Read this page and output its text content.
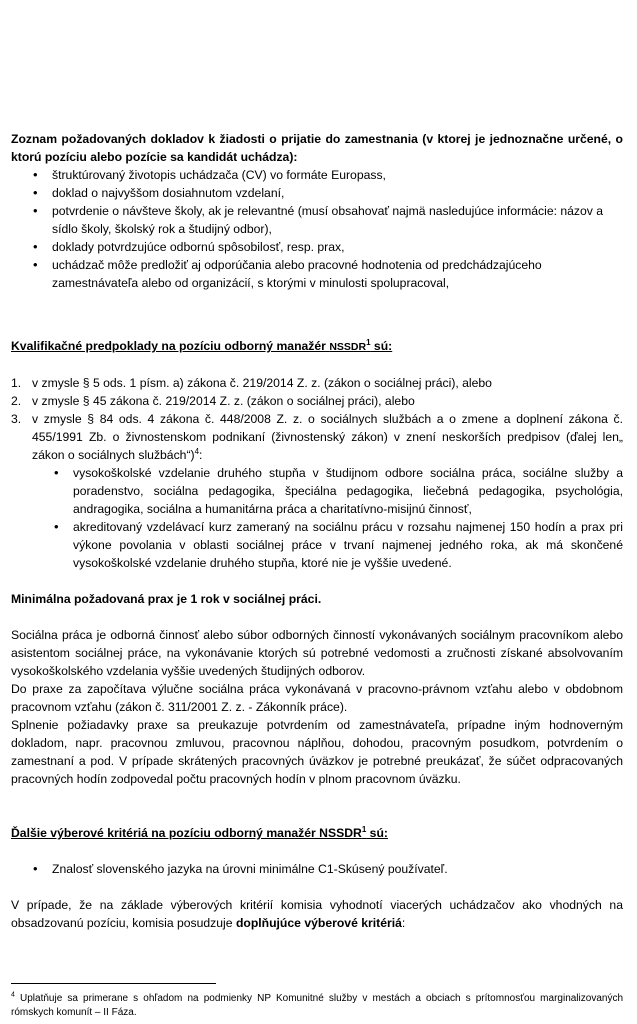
Zoznam požadovaných dokladov k žiadosti o prijatie do zamestnania (v ktorej je jednoznačne určené, o ktorú pozíciu alebo pozície sa kandidát uchádza):

• štruktúrovaný životopis uchádzača (CV) vo formáte Europass,
• doklad o najvyššom dosiahnutom vzdelaní,
• potvrdenie o návšteve školy, ak je relevantné (musí obsahovať najmä nasledujúce informácie: názov a sídlo školy, školský rok a študijný odbor),
• doklady potvrdzujúce odbornú spôsobilosť, resp. prax,
• uchádzač môže predložiť aj odporúčania alebo pracovné hodnotenia od predchádzajúceho zamestnávateľa alebo od organizácií, s ktorými v minulosti spolupracoval,

Kvalifikačné predpoklady na pozíciu odborný manažér NSSDR$^1$ sú:

1. v zmysle § 5 ods. 1 písm. a) zákona č. 219/2014 Z. z. (zákon o sociálnej práci), alebo
2. v zmysle § 45 zákona č. 219/2014 Z. z. (zákon o sociálnej práci), alebo
3. v zmysle § 84 ods. 4 zákona č. 448/2008 Z. z. o sociálnych službách a o zmene a doplnení zákona č. 455/1991 Zb. o živnostenskom podnikaní (živnostenský zákon) v znení neskorších predpisov (ďalej len„ zákon o sociálnych službách“)$^4$:

• vysokoškolské vzdelanie druhého stupňa v študijnom odbore sociálna práca, sociálne služby a poradenstvo, sociálna pedagogika, špeciálna pedagogika, liečebná pedagogika, psychológia, andragogika, sociálna a humanitárna práca a charitatívno-misijnú činnosť,

• akreditovaný vzdelávací kurz zameraný na sociálnu prácu v rozsahu najmenej 150 hodín a prax pri výkone povolania v oblasti sociálnej práce v trvaní najmenej jedného roka, ak má skončené vysokoškolské vzdelanie druhého stupňa, ktoré nie je vyššie uvedené.

Minimálna požadovaná prax je 1 rok v sociálnej práci.

Sociálna práca je odborná činnosť alebo súbor odborných činností vykonávaných sociálnym pracovníkom alebo asistentom sociálnej práce, na vykonávanie ktorých sú potrebné vedomosti a zručnosti získané absolvovaním vysokoškolského vzdelania vyššie uvedených študijných odborov.

Do praxe za započítava výlučne sociálna práca vykonávaná v pracovno-právnom vzťahu alebo v obdobnom pracovnom vzťahu (zákon č. 311/2001 Z. z. - Zákonník práce).

Splnenie požiadavky praxe sa preukazuje potvrdením od zamestnávateľa, prípadne iným hodnoverným dokladom, napr. pracovnou zmluvou, pracovnou náplňou, dohodou, pracovným posudkom, potvrdením o zamestnaní a pod. V prípade skrátených pracovných úväzkov je potrebné preukázať, že súčet odpracovaných pracovných hodín zodpovedal počtu pracovných hodín v plnom pracovnom úväzku.

Ďalšie výberové kritériá na pozíciu odborný manažér NSSDR$^1$ sú:

• Znalosť slovenského jazyka na úrovni minimálne C1-Skúsený používateľ.

V prípade, že na základe výberových kritérií komisia vyhodnotí viacerých uchádzačov ako vhodných na obsadzovanú pozíciu, komisia posudzuje doplňujúce výberové kritériá:

$^4$ Uplatňuje sa primerane s ohľadom na podmienky NP Komunitné služby v mestách a obciach s prítomnosťou marginalizovaných rómskych komunít – II Fáza.
